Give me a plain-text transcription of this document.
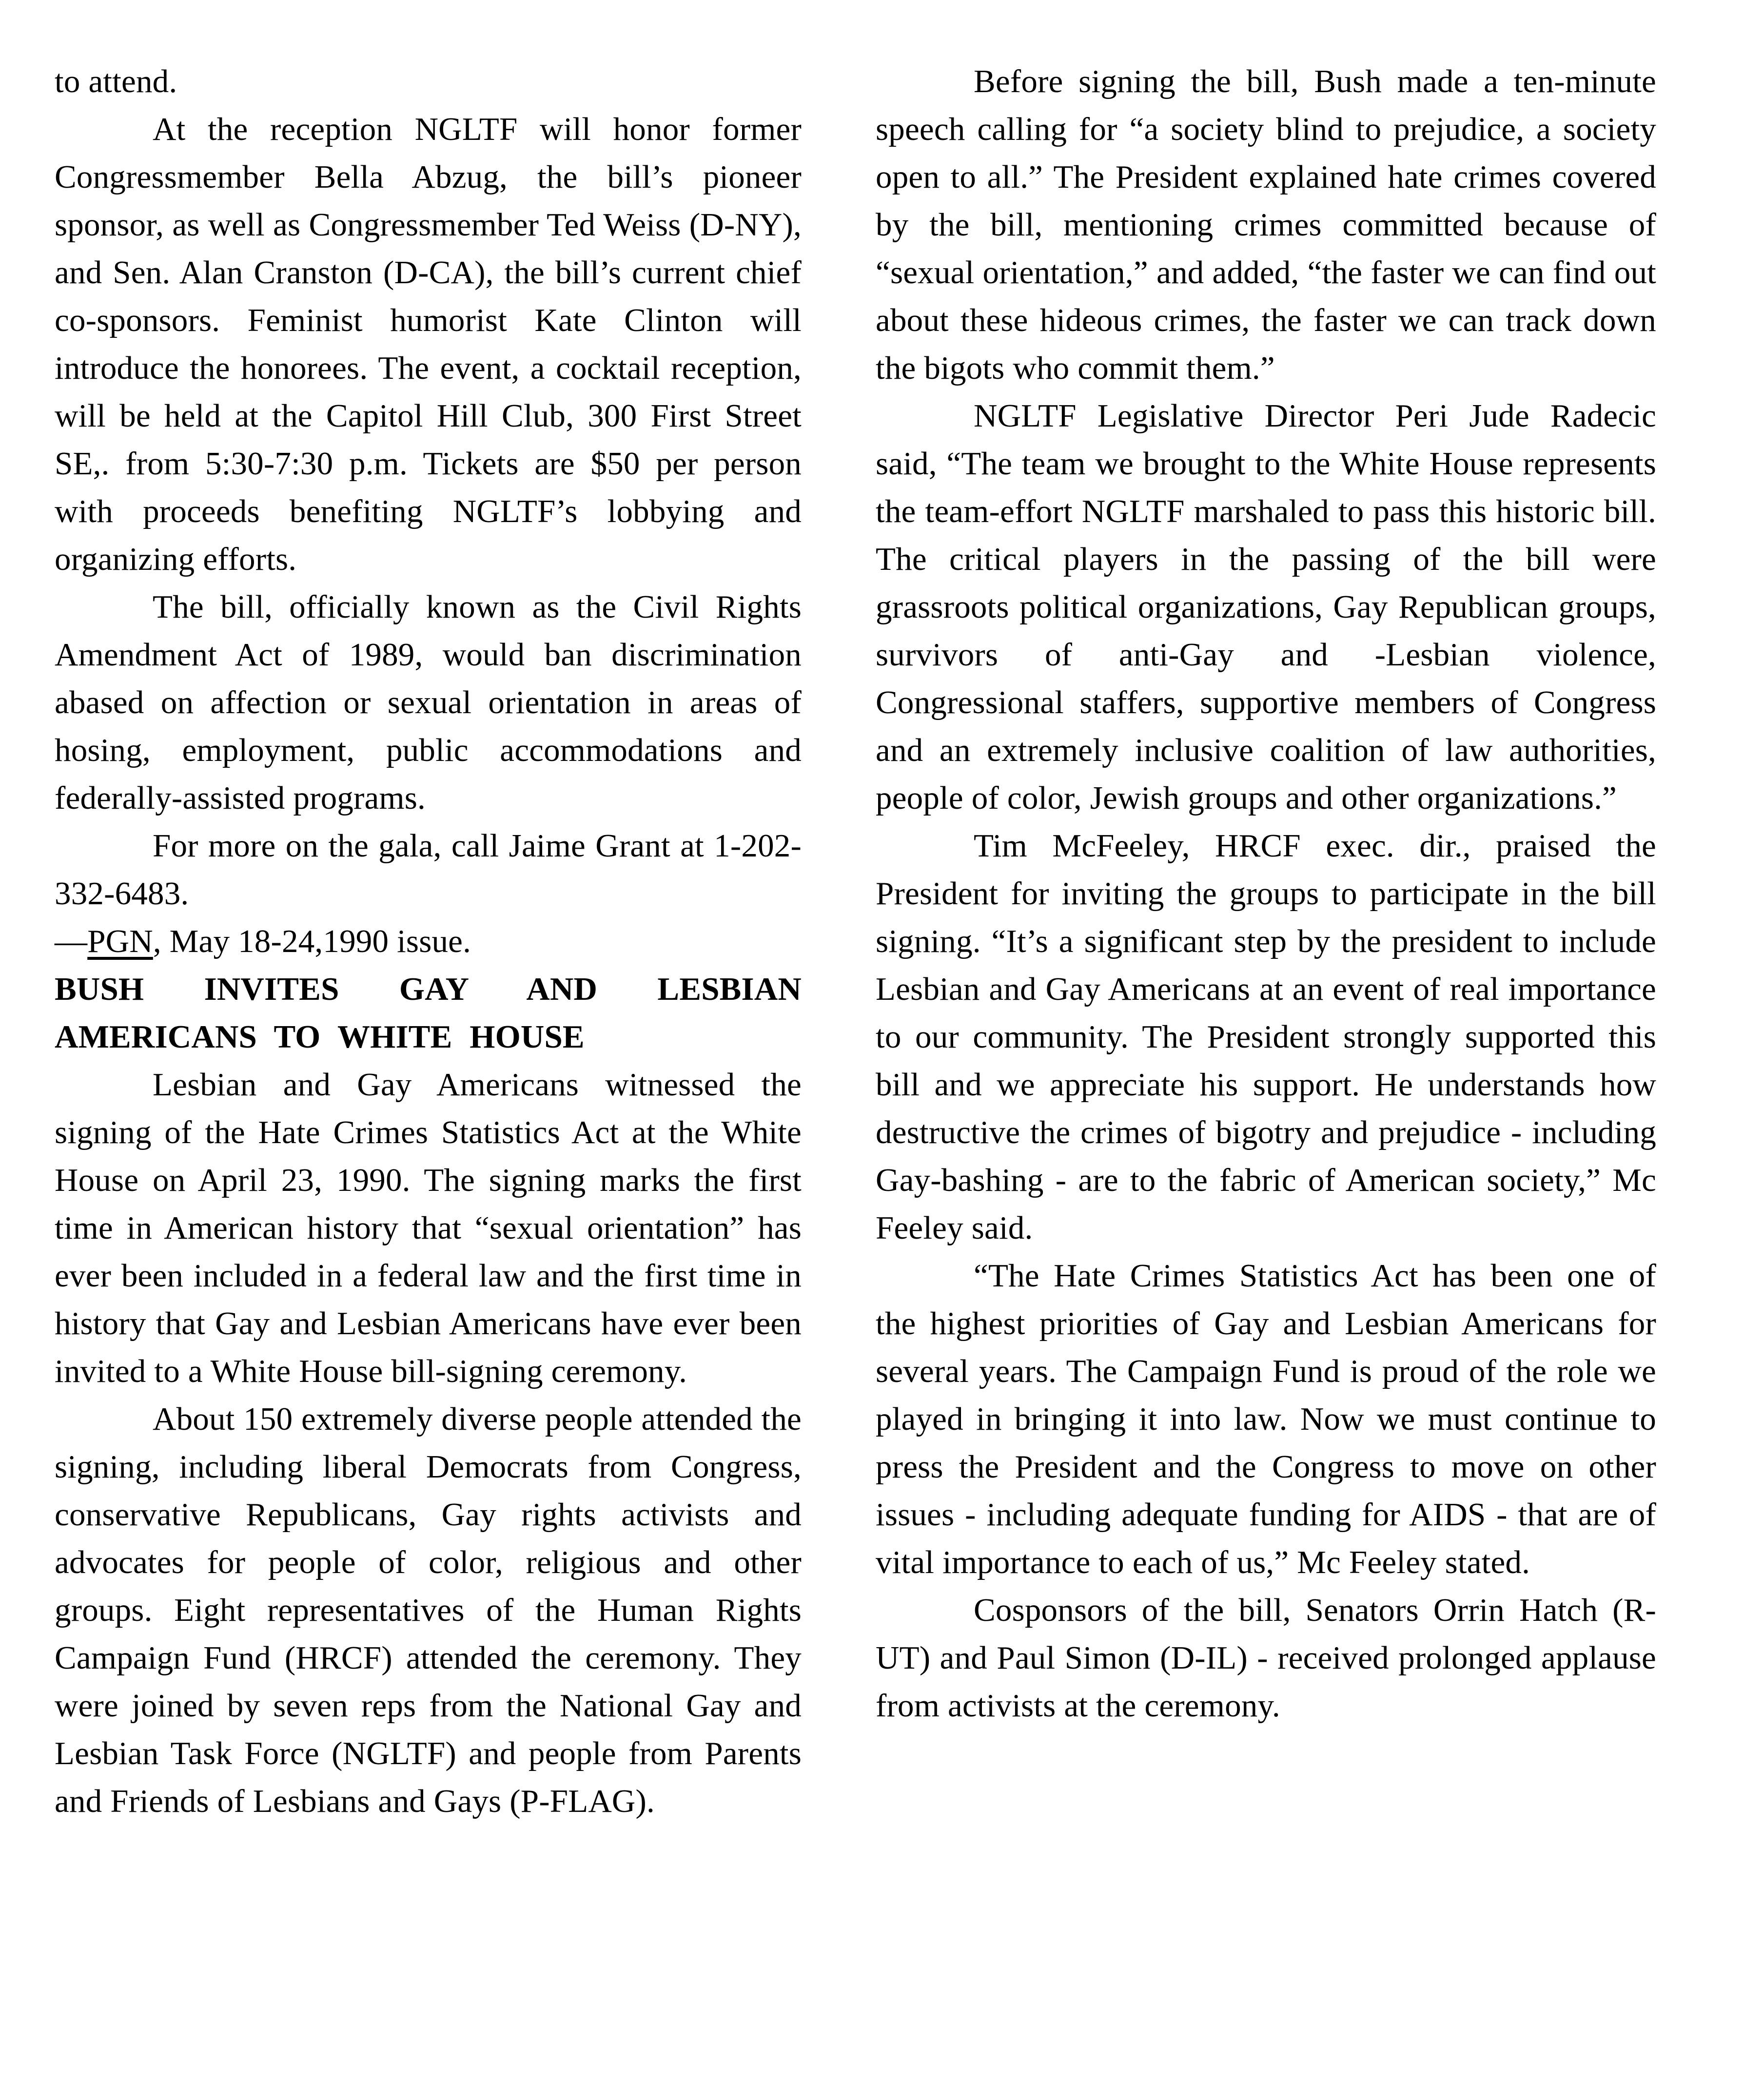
to attend.

At the reception NGLTF will honor former Congressmember Bella Abzug, the bill’s pioneer sponsor, as well as Congressmember Ted Weiss (D-NY), and Sen. Alan Cranston (D-CA), the bill’s current chief co-sponsors. Feminist humorist Kate Clinton will introduce the honorees. The event, a cocktail reception, will be held at the Capitol Hill Club, 300 First Street SE,. from 5:30-7:30 p.m. Tickets are $50 per person with proceeds benefiting NGLTF’s lobbying and organizing efforts.

The bill, officially known as the Civil Rights Amendment Act of 1989, would ban discrimination abased on affection or sexual orientation in areas of hosing, employment, public accommodations and federally-assisted programs.

For more on the gala, call Jaime Grant at 1-202-332-6483.

—PGN, May 18-24,1990 issue.

BUSH INVITES GAY AND LESBIAN AMERICANS TO WHITE HOUSE

Lesbian and Gay Americans witnessed the signing of the Hate Crimes Statistics Act at the White House on April 23, 1990. The signing marks the first time in American history that “sexual orientation” has ever been included in a federal law and the first time in history that Gay and Lesbian Americans have ever been invited to a White House bill-signing ceremony.

About 150 extremely diverse people attended the signing, including liberal Democrats from Congress, conservative Republicans, Gay rights activists and advocates for people of color, religious and other groups. Eight representatives of the Human Rights Campaign Fund (HRCF) attended the ceremony. They were joined by seven reps from the National Gay and Lesbian Task Force (NGLTF) and people from Parents and Friends of Lesbians and Gays (P-FLAG).

Before signing the bill, Bush made a ten-minute speech calling for “a society blind to prejudice, a society open to all.” The President explained hate crimes covered by the bill, mentioning crimes committed because of “sexual orientation,” and added, “the faster we can find out about these hideous crimes, the faster we can track down the bigots who commit them.”

NGLTF Legislative Director Peri Jude Radecic said, “The team we brought to the White House represents the team-effort NGLTF marshaled to pass this historic bill. The critical players in the passing of the bill were grassroots political organizations, Gay Republican groups, survivors of anti-Gay and -Lesbian violence, Congressional staffers, supportive members of Congress and an extremely inclusive coalition of law authorities, people of color, Jewish groups and other organizations.”

Tim McFeeley, HRCF exec. dir., praised the President for inviting the groups to participate in the bill signing. “It’s a significant step by the president to include Lesbian and Gay Americans at an event of real importance to our community. The President strongly supported this bill and we appreciate his support. He understands how destructive the crimes of bigotry and prejudice - including Gay-bashing - are to the fabric of American society,” Mc Feeley said.

“The Hate Crimes Statistics Act has been one of the highest priorities of Gay and Lesbian Americans for several years. The Campaign Fund is proud of the role we played in bringing it into law. Now we must continue to press the President and the Congress to move on other issues - including adequate funding for AIDS - that are of vital importance to each of us,” Mc Feeley stated.

Cosponsors of the bill, Senators Orrin Hatch (R-UT) and Paul Simon (D-IL) - received prolonged applause from activists at the ceremony.
